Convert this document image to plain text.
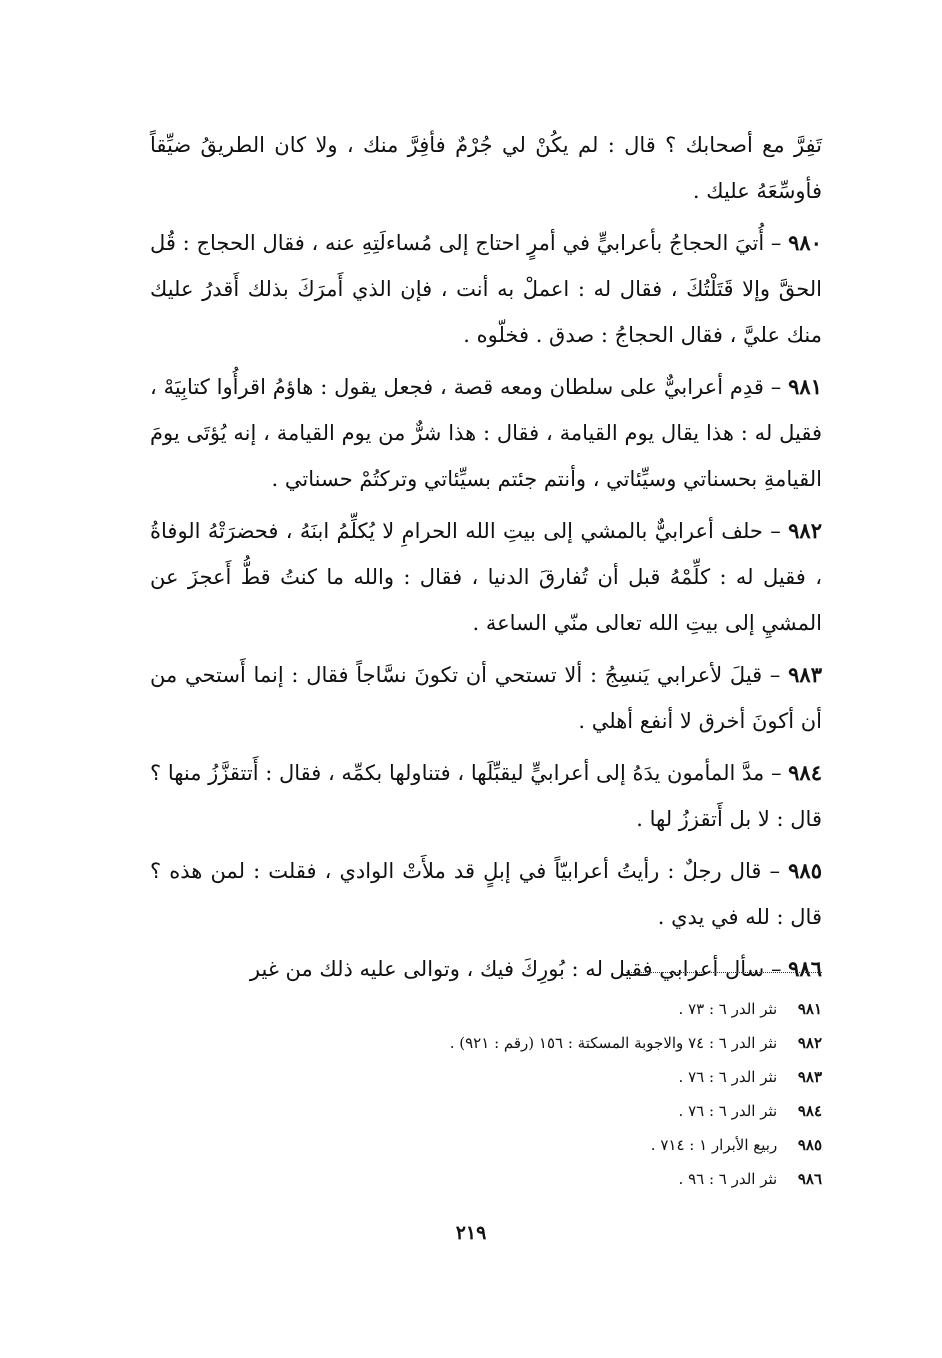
تَفِرَّ مع أصحابك ؟ قال : لم يكُنْ لي جُرْمٌ فأفِرَّ منك ، ولا كان الطريقُ ضيِّقاً فأوسِّعَهُ عليك .

٩٨٠ – أُتيَ الحجاجُ بأعرابيٍّ في أمرٍ احتاج إلى مُساءلَتِهِ عنه ، فقال الحجاج : قُل الحقَّ وإلا قَتَلْتُكَ ، فقال له : اعملْ به أنت ، فإن الذي أَمرَكَ بذلك أَقدرُ عليك منك عليَّ ، فقال الحجاجُ : صدق . فخلّوه .

٩٨١ – قدِم أعرابيٌّ على سلطان ومعه قصة ، فجعل يقول : هاؤمُ اقرأُوا كتابِيَهْ ، فقيل له : هذا يقال يوم القيامة ، فقال : هذا شرٌّ من يوم القيامة ، إنه يُؤتَى يومَ القيامةِ بحسناتي وسيِّئاتي ، وأنتم جئتم بسيِّئاتي وتركتُمْ حسناتي .

٩٨٢ – حلف أعرابيٌّ بالمشي إلى بيتِ الله الحرامِ لا يُكلِّمُ ابنَهُ ، فحضرَتْهُ الوفاةُ ، فقيل له : كلِّمْهُ قبل أن تُفارقَ الدنيا ، فقال : والله ما كنتُ قطُّ أَعجزَ عن المشيِ إلى بيتِ الله تعالى منّي الساعة .

٩٨٣ – قيلَ لأعرابي يَنسِجُ : ألا تستحي أن تكونَ نسَّاجاً فقال : إنما أَستحي من أن أكونَ أخرق لا أنفع أهلي .

٩٨٤ – مدَّ المأمون يدَهُ إلى أعرابيٍّ ليقبِّلَها ، فتناولها بكمِّه ، فقال : أَتتقزَّزُ منها ؟ قال : لا بل أَتقززُ لها .

٩٨٥ – قال رجلٌ : رأيتُ أعرابيّاً في إبلٍ قد ملأَتْ الوادي ، فقلت : لمن هذه ؟ قال : لله في يدي .

٩٨٦ – سأل أعرابي فقيل له : بُورِكَ فيك ، وتوالى عليه ذلك من غير

٩٨١ نثر الدر ٦ : ٧٣ .
٩٨٢ نثر الدر ٦ : ٧٤ والاجوبة المسكتة : ١٥٦ (رقم : ٩٢١) .
٩٨٣ نثر الدر ٦ : ٧٦ .
٩٨٤ نثر الدر ٦ : ٧٦ .
٩٨٥ ربيع الأبرار ١ : ٧١٤ .
٩٨٦ نثر الدر ٦ : ٩٦ .
٢١٩
